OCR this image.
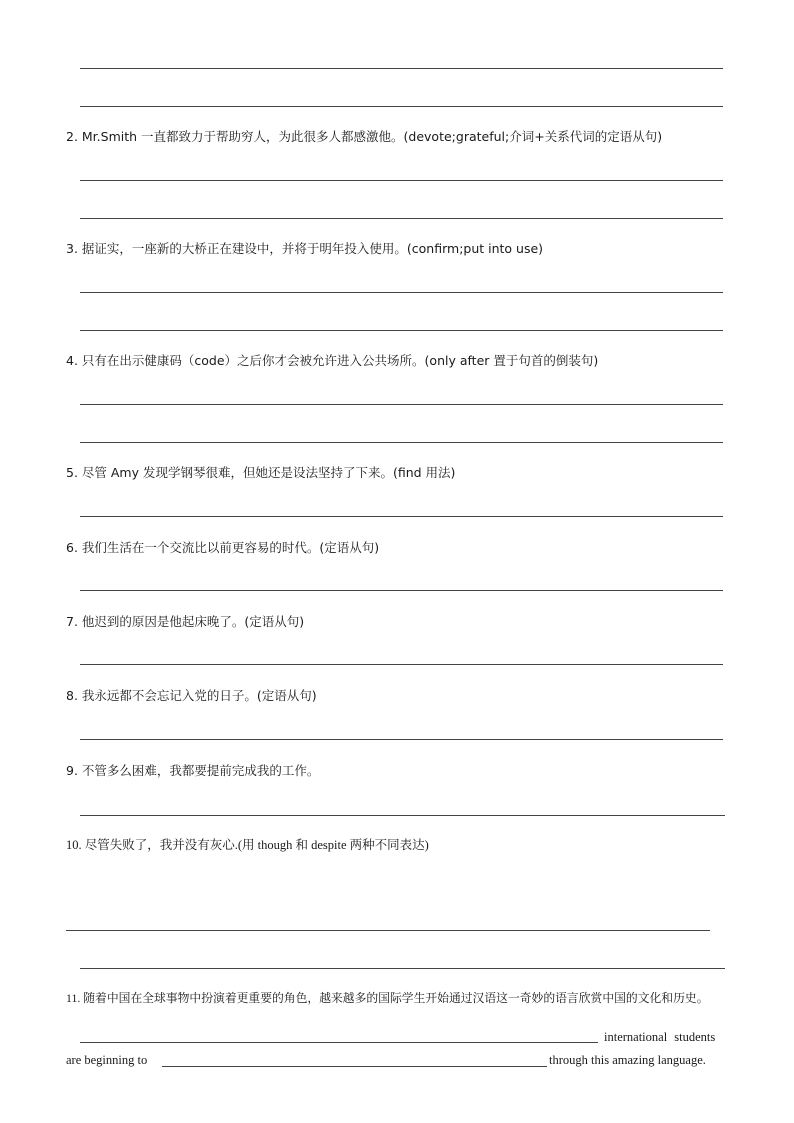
2. Mr.Smith 一直都致力于帮助穷人，为此很多人都感激他。(devote;grateful;介词+关系代词的定语从句)
3. 据证实，一座新的大桥正在建设中，并将于明年投入使用。(confirm;put into use)
4. 只有在出示健康码（code）之后你才会被允许进入公共场所。(only after 置于句首的倒装句)
5. 尽管 Amy 发现学钢琴很难，但她还是设法坚持了下来。(find 用法)
6. 我们生活在一个交流比以前更容易的时代。(定语从句)
7. 他迟到的原因是他起床晚了。(定语从句)
8. 我永远都不会忘记入党的日子。(定语从句)
9. 不管多么困难，我都要提前完成我的工作。
10. 尽管失败了，我并没有灰心.(用 though 和 despite 两种不同表达)
11. 随着中国在全球事物中扮演着更重要的角色，越来越多的国际学生开始通过汉语这一奇妙的语言欣赏中国的文化和历史。
international students
are beginning to	through this amazing language.
